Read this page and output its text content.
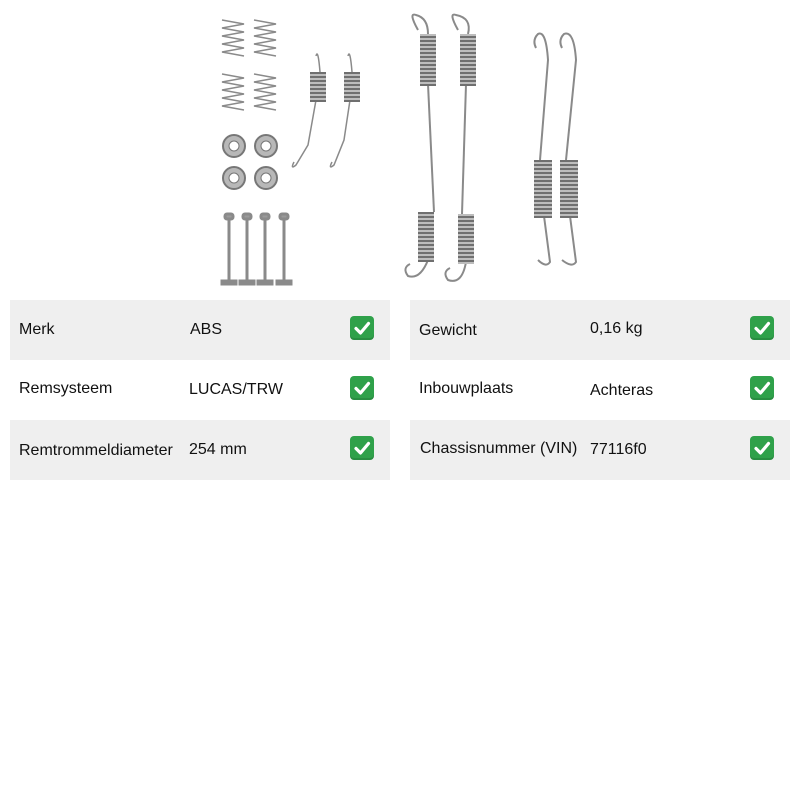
Merk	ABS
Remsysteem	LUCAS/TRW
Remtrommeldiameter 254 mm
Gewicht	0,16 kg
Inbouwplaats	Achteras
Chassisnummer (VIN) 77116f0
